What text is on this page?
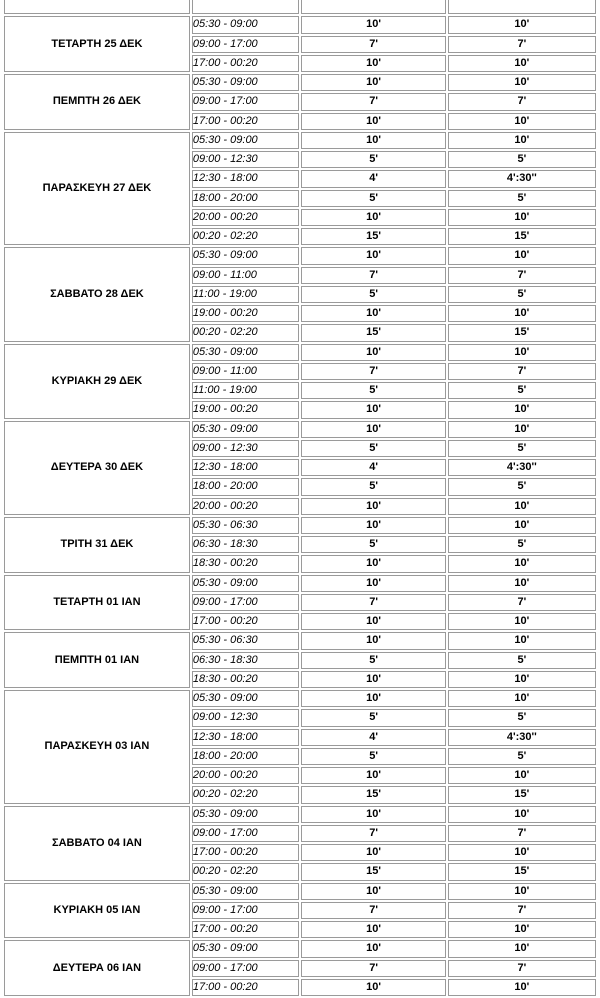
ΤΕΤΑΡΤΗ 25 ΔΕΚ	05:30 - 09:00	10'	10'
	09:00 - 17:00	7'	7'
	17:00 - 00:20	10'	10'
ΠΕΜΠΤΗ 26 ΔΕΚ	05:30 - 09:00	10'	10'
	09:00 - 17:00	7'	7'
	17:00 - 00:20	10'	10'
ΠΑΡΑΣΚΕΥΗ 27 ΔΕΚ	05:30 - 09:00	10'	10'
	09:00 - 12:30	5'	5'
	12:30 - 18:00	4'	4':30''
	18:00 - 20:00	5'	5'
	20:00 - 00:20	10'	10'
	00:20 - 02:20	15'	15'
ΣΑΒΒΑΤΟ 28 ΔΕΚ	05:30 - 09:00	10'	10'
	09:00 - 11:00	7'	7'
	11:00 - 19:00	5'	5'
	19:00 - 00:20	10'	10'
	00:20 - 02:20	15'	15'
ΚΥΡΙΑΚΗ 29 ΔΕΚ	05:30 - 09:00	10'	10'
	09:00 - 11:00	7'	7'
	11:00 - 19:00	5'	5'
	19:00 - 00:20	10'	10'
ΔΕΥΤΕΡΑ 30 ΔΕΚ	05:30 - 09:00	10'	10'
	09:00 - 12:30	5'	5'
	12:30 - 18:00	4'	4':30''
	18:00 - 20:00	5'	5'
	20:00 - 00:20	10'	10'
ΤΡΙΤΗ 31 ΔΕΚ	05:30 - 06:30	10'	10'
	06:30 - 18:30	5'	5'
	18:30 - 00:20	10'	10'
ΤΕΤΑΡΤΗ 01 ΙΑΝ	05:30 - 09:00	10'	10'
	09:00 - 17:00	7'	7'
	17:00 - 00:20	10'	10'
ΠΕΜΠΤΗ 01 ΙΑΝ	05:30 - 06:30	10'	10'
	06:30 - 18:30	5'	5'
	18:30 - 00:20	10'	10'
ΠΑΡΑΣΚΕΥΗ 03 ΙΑΝ	05:30 - 09:00	10'	10'
	09:00 - 12:30	5'	5'
	12:30 - 18:00	4'	4':30''
	18:00 - 20:00	5'	5'
	20:00 - 00:20	10'	10'
	00:20 - 02:20	15'	15'
ΣΑΒΒΑΤΟ 04 ΙΑΝ	05:30 - 09:00	10'	10'
	09:00 - 17:00	7'	7'
	17:00 - 00:20	10'	10'
	00:20 - 02:20	15'	15'
ΚΥΡΙΑΚΗ 05 ΙΑΝ	05:30 - 09:00	10'	10'
	09:00 - 17:00	7'	7'
	17:00 - 00:20	10'	10'
ΔΕΥΤΕΡΑ 06 ΙΑΝ	05:30 - 09:00	10'	10'
	09:00 - 17:00	7'	7'
	17:00 - 00:20	10'	10'
